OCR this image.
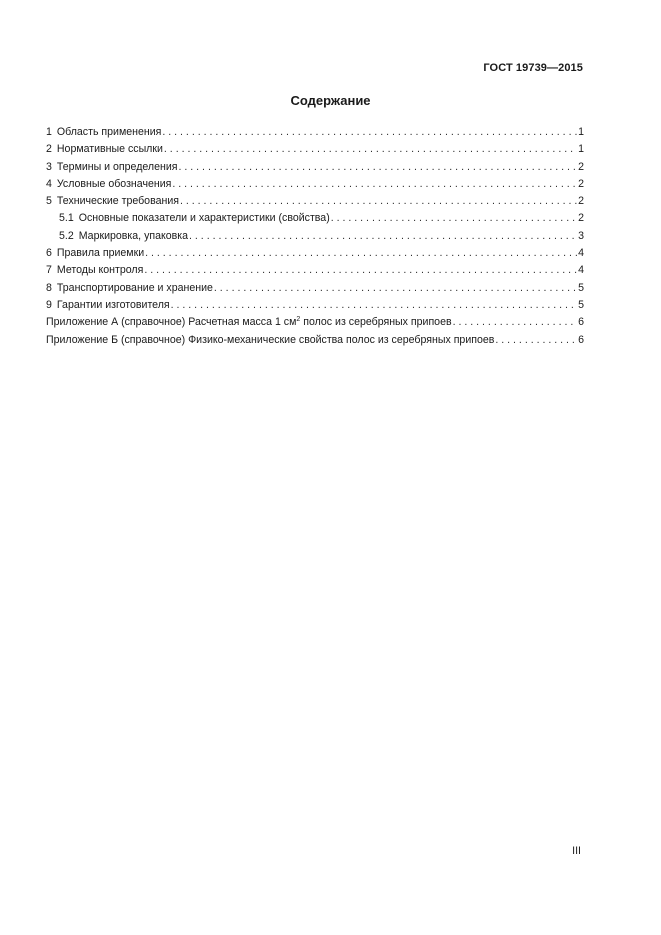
ГОСТ 19739—2015
Содержание
1 Область применения . . .	1
2 Нормативные ссылки . . .	1
3 Термины и определения . . .	2
4 Условные обозначения . . .	2
5 Технические требования . . .	2
5.1 Основные показатели и характеристики (свойства) . . .	2
5.2 Маркировка, упаковка . . .	3
6 Правила приемки . . .	4
7 Методы контроля . . .	4
8 Транспортирование и хранение . . .	5
9 Гарантии изготовителя . . .	5
Приложение А (справочное) Расчетная масса 1 $см^2$ полос из серебряных припоев . . .	6
Приложение Б (справочное) Физико-механические свойства полос из серебряных припоев . . .	6
III
